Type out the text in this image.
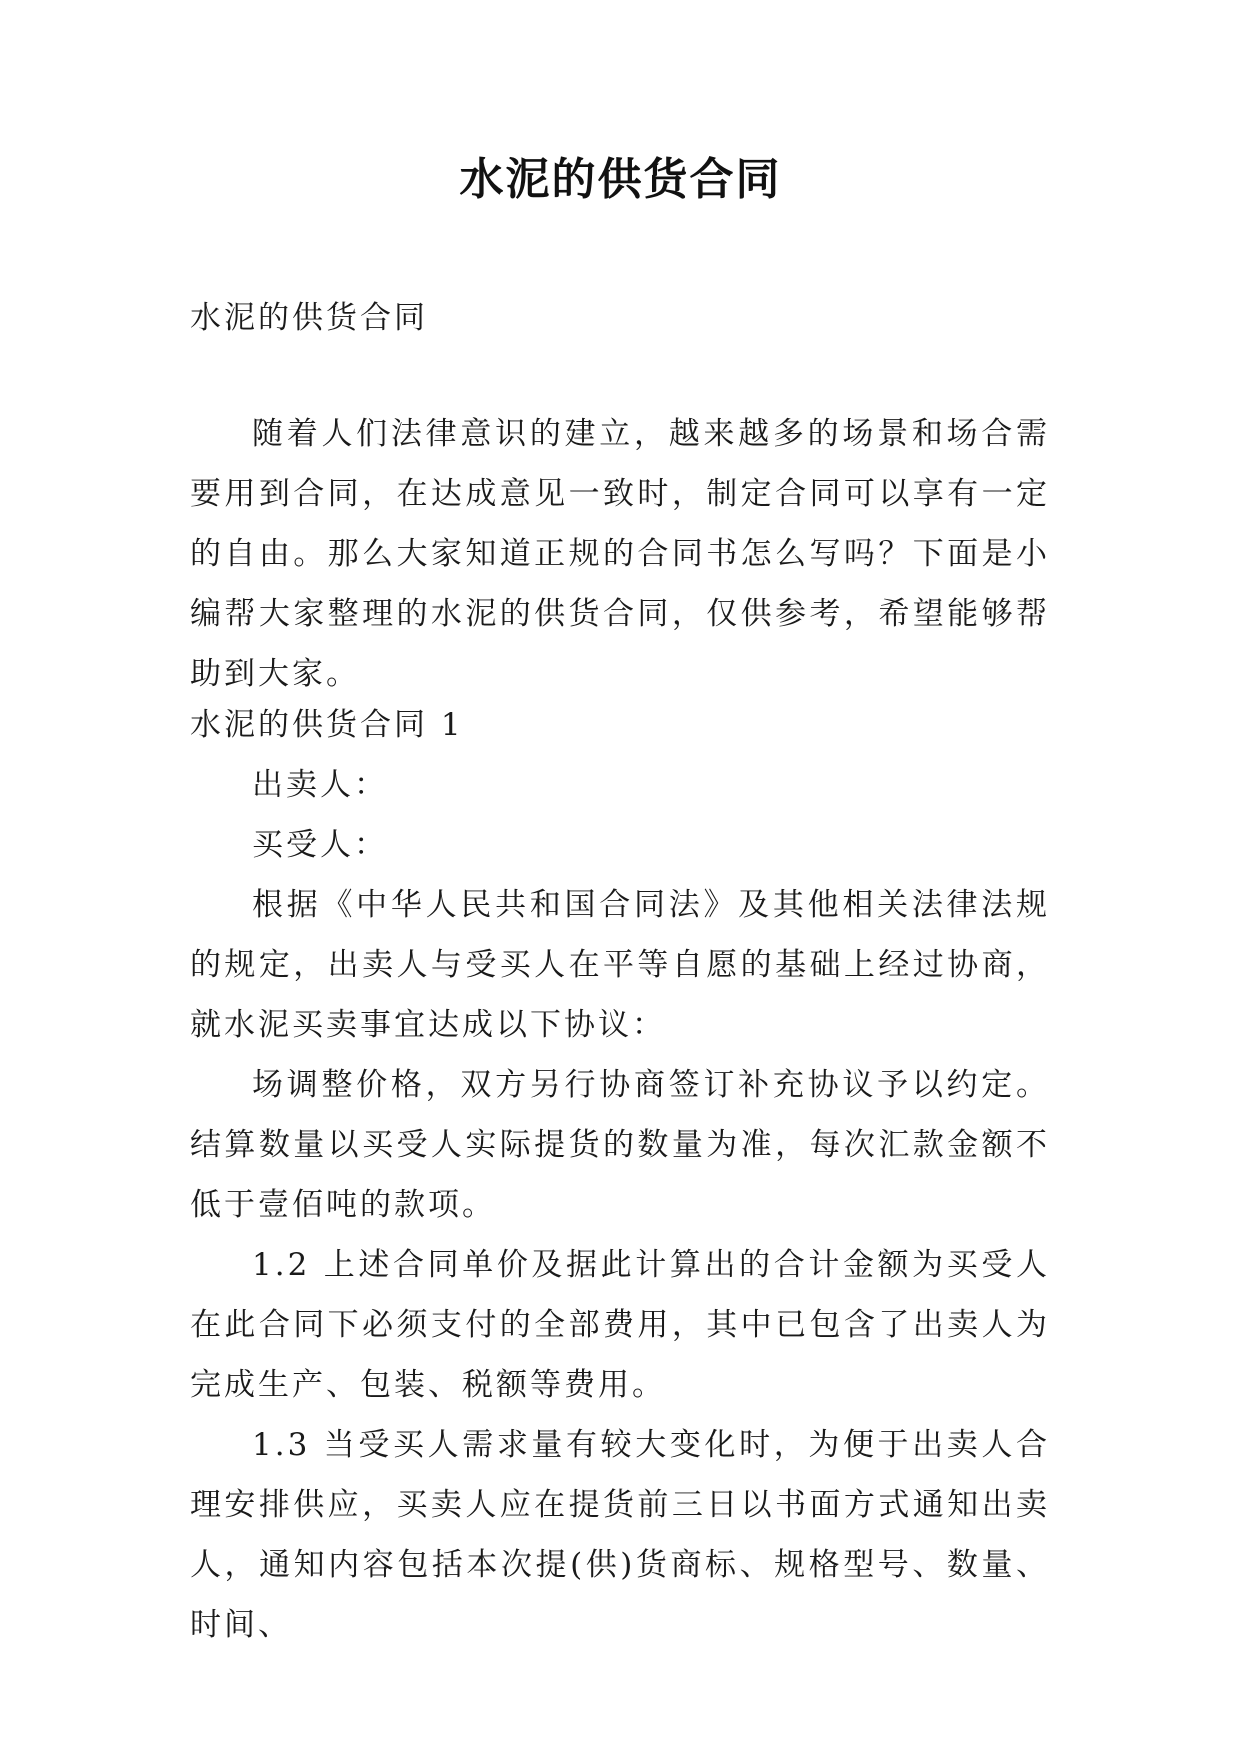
水泥的供货合同
水泥的供货合同

随着人们法律意识的建立，越来越多的场景和场合需要用到合同，在达成意见一致时，制定合同可以享有一定的自由。那么大家知道正规的合同书怎么写吗？下面是小编帮大家整理的水泥的供货合同，仅供参考，希望能够帮助到大家。

水泥的供货合同 1

出卖人：

买受人：

根据《中华人民共和国合同法》及其他相关法律法规的规定，出卖人与受买人在平等自愿的基础上经过协商，就水泥买卖事宜达成以下协议：

场调整价格，双方另行协商签订补充协议予以约定。结算数量以买受人实际提货的数量为准，每次汇款金额不低于壹佰吨的款项。

1.2 上述合同单价及据此计算出的合计金额为买受人在此合同下必须支付的全部费用，其中已包含了出卖人为完成生产、包装、税额等费用。

1.3 当受买人需求量有较大变化时，为便于出卖人合理安排供应，买卖人应在提货前三日以书面方式通知出卖人，通知内容包括本次提(供)货商标、规格型号、数量、时间、
